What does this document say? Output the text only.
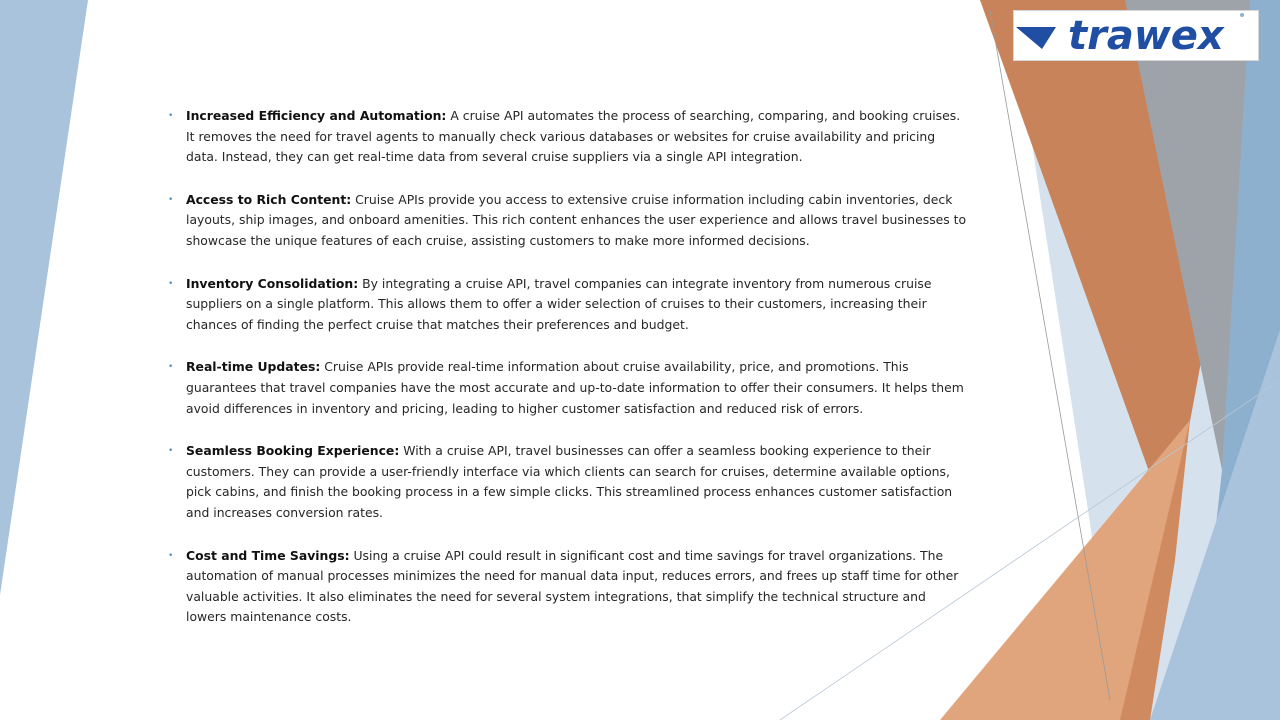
trawex
• Increased Efficiency and Automation: A cruise API automates the process of searching, comparing, and booking cruises. It removes the need for travel agents to manually check various databases or websites for cruise availability and pricing data. Instead, they can get real-time data from several cruise suppliers via a single API integration.
• Access to Rich Content: Cruise APIs provide you access to extensive cruise information including cabin inventories, deck layouts, ship images, and onboard amenities. This rich content enhances the user experience and allows travel businesses to showcase the unique features of each cruise, assisting customers to make more informed decisions.
• Inventory Consolidation: By integrating a cruise API, travel companies can integrate inventory from numerous cruise suppliers on a single platform. This allows them to offer a wider selection of cruises to their customers, increasing their chances of finding the perfect cruise that matches their preferences and budget.
• Real-time Updates: Cruise APIs provide real-time information about cruise availability, price, and promotions. This guarantees that travel companies have the most accurate and up-to-date information to offer their consumers. It helps them avoid differences in inventory and pricing, leading to higher customer satisfaction and reduced risk of errors.
• Seamless Booking Experience: With a cruise API, travel businesses can offer a seamless booking experience to their customers. They can provide a user-friendly interface via which clients can search for cruises, determine available options, pick cabins, and finish the booking process in a few simple clicks. This streamlined process enhances customer satisfaction and increases conversion rates.
• Cost and Time Savings: Using a cruise API could result in significant cost and time savings for travel organizations. The automation of manual processes minimizes the need for manual data input, reduces errors, and frees up staff time for other valuable activities. It also eliminates the need for several system integrations, that simplify the technical structure and lowers maintenance costs.
